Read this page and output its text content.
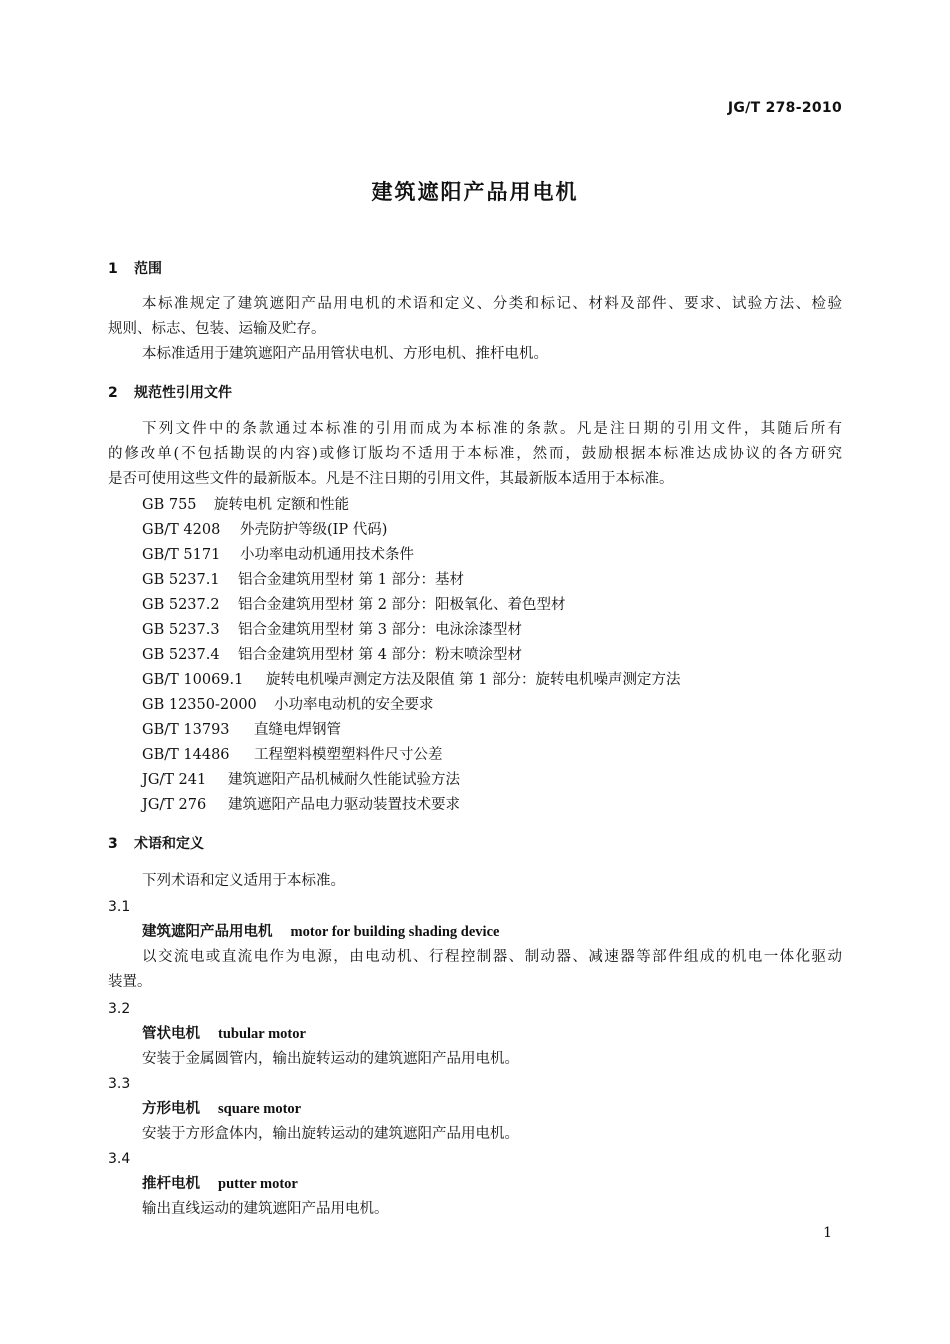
JG/T 278-2010
建筑遮阳产品用电机
1 范围
本标准规定了建筑遮阳产品用电机的术语和定义、分类和标记、材料及部件、要求、试验方法、检验
规则、标志、包装、运输及贮存。
本标准适用于建筑遮阳产品用管状电机、方形电机、推杆电机。
2 规范性引用文件
下列文件中的条款通过本标准的引用而成为本标准的条款。凡是注日期的引用文件，其随后所有
的修改单(不包括勘误的内容)或修订版均不适用于本标准，然而，鼓励根据本标准达成协议的各方研究
是否可使用这些文件的最新版本。凡是不注日期的引用文件，其最新版本适用于本标准。
GB 755 旋转电机 定额和性能
GB/T 4208 外壳防护等级(IP 代码)
GB/T 5171 小功率电动机通用技术条件
GB 5237.1 铝合金建筑用型材 第 1 部分：基材
GB 5237.2 铝合金建筑用型材 第 2 部分：阳极氧化、着色型材
GB 5237.3 铝合金建筑用型材 第 3 部分：电泳涂漆型材
GB 5237.4 铝合金建筑用型材 第 4 部分：粉末喷涂型材
GB/T 10069.1 旋转电机噪声测定方法及限值 第 1 部分：旋转电机噪声测定方法
GB 12350-2000 小功率电动机的安全要求
GB/T 13793 直缝电焊钢管
GB/T 14486 工程塑料模塑塑料件尺寸公差
JG/T 241 建筑遮阳产品机械耐久性能试验方法
JG/T 276 建筑遮阳产品电力驱动装置技术要求
3 术语和定义
下列术语和定义适用于本标准。
3.1
建筑遮阳产品用电机 motor for building shading device
以交流电或直流电作为电源，由电动机、行程控制器、制动器、减速器等部件组成的机电一体化驱动
装置。
3.2
管状电机 tubular motor
安装于金属圆管内，输出旋转运动的建筑遮阳产品用电机。
3.3
方形电机 square motor
安装于方形盒体内，输出旋转运动的建筑遮阳产品用电机。
3.4
推杆电机 putter motor
输出直线运动的建筑遮阳产品用电机。
1
